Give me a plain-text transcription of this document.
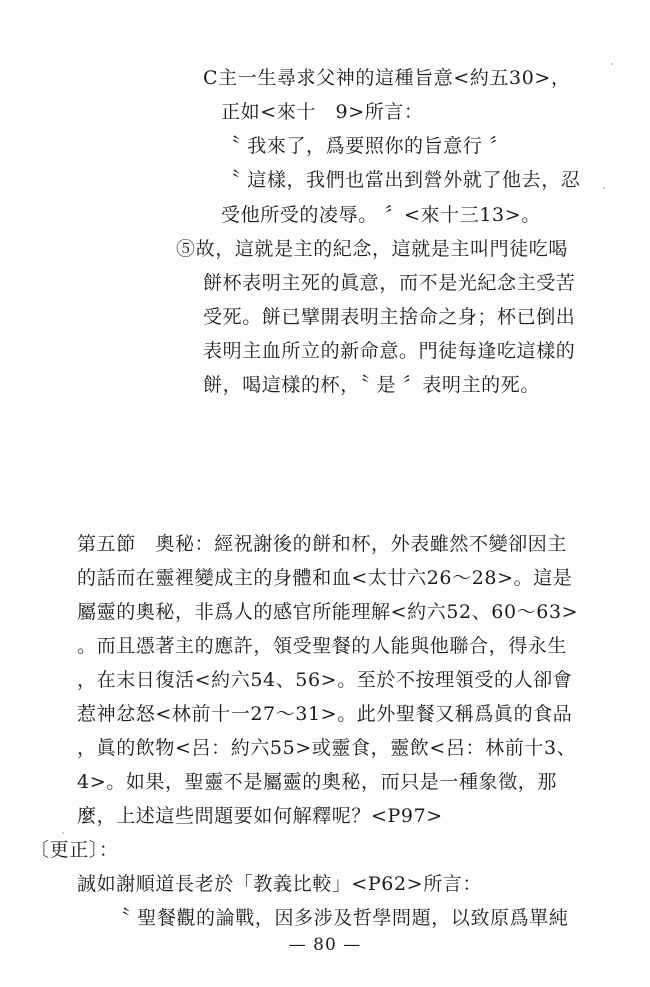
C主一生尋求父神的這種旨意<約五30>，
正如<來十　9>所言：
〝 我來了，爲要照你的旨意行 〞
〝 這樣，我們也當出到營外就了他去，忍
受他所受的凌辱。 〞<來十三13>。
⑤故，這就是主的紀念，這就是主叫門徒吃喝
餅杯表明主死的眞意，而不是光紀念主受苦
受死。餅已擘開表明主捨命之身；杯已倒出
表明主血所立的新命意。門徒每逢吃這樣的
餅，喝這樣的杯，〝 是 〞表明主的死。
第五節　奧秘：經祝謝後的餅和杯，外表雖然不變卻因主
的話而在靈裡變成主的身體和血<太廿六26～28>。這是
屬靈的奧秘，非爲人的感官所能理解<約六52、60～63>
。而且憑著主的應許，領受聖餐的人能與他聯合，得永生
，在末日復活<約六54、56>。至於不按理領受的人卻會
惹神忿怒<林前十一27～31>。此外聖餐又稱爲眞的食品
，眞的飲物<呂：約六55>或靈食，靈飲<呂：林前十3、
4>。如果，聖靈不是屬靈的奧秘，而只是一種象徵，那
麼，上述這些問題要如何解釋呢？<P97>
〔更正〕：
誠如謝順道長老於「教義比較」<P62>所言：
〝 聖餐觀的論戰，因多涉及哲學問題，以致原爲單純
— 80 —
